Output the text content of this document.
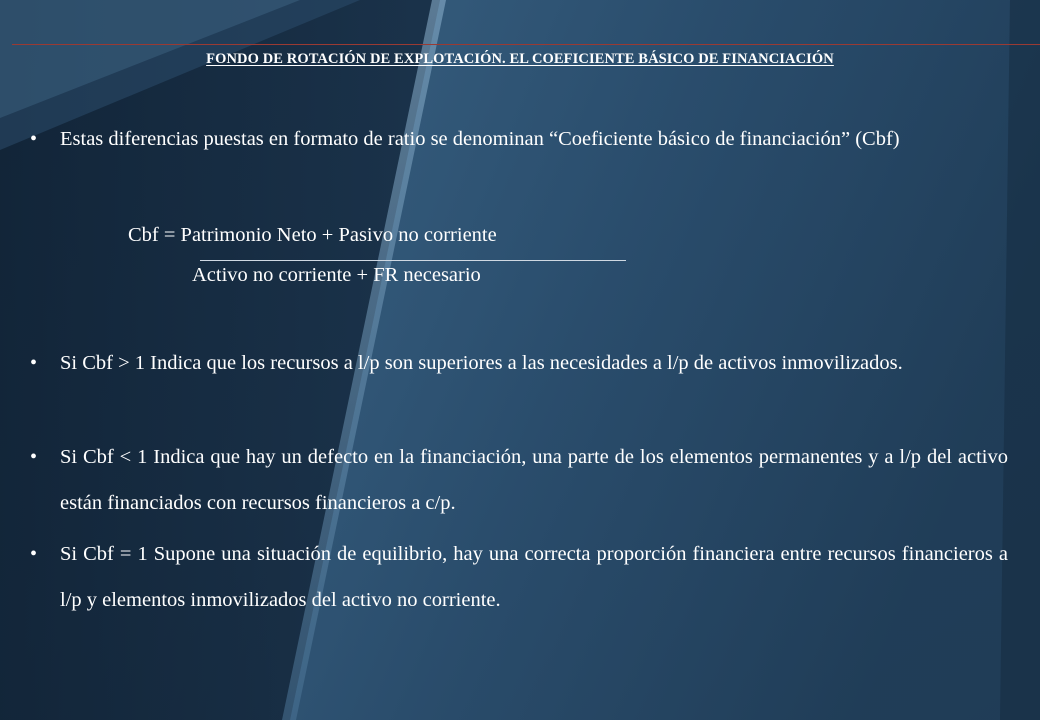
FONDO DE ROTACIÓN DE EXPLOTACIÓN. EL COEFICIENTE BÁSICO DE FINANCIACIÓN
• Estas diferencias puestas en formato de ratio se denominan “Coeficiente básico de financiación” (Cbf)
Cbf = Patrimonio Neto + Pasivo no corriente
Activo no corriente + FR necesario
• Si Cbf > 1 Indica que los recursos a l/p son superiores a las necesidades a l/p de activos inmovilizados.
• Si Cbf < 1 Indica que hay un defecto en la financiación, una parte de los elementos permanentes y a l/p del activo están financiados con recursos financieros a c/p.
• Si Cbf = 1 Supone una situación de equilibrio, hay una correcta proporción financiera entre recursos financieros a l/p y elementos inmovilizados del activo no corriente.
